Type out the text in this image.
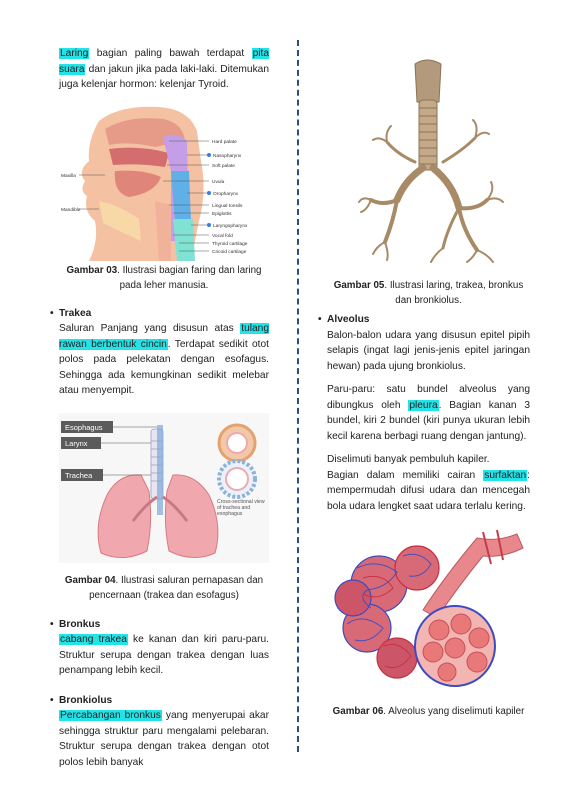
Laring bagian paling bawah terdapat pita suara dan jakun jika pada laki-laki. Ditemukan juga kelenjar hormon: kelenjar Tyroid.

Hard palate
Nasopharynx
Soft palate
Maxilla
Uvula
Oropharynx
Mandible
Lingual tonsils
Epiglottis
Laryngopharynx
Vocal fold
Thyroid cartilage
Cricoid cartilage

Gambar 03. Ilustrasi bagian faring dan laring pada leher manusia.

• Trakea

Saluran Panjang yang disusun atas tulang rawan berbentuk cincin. Terdapat sedikit otot polos pada pelekatan dengan esofagus. Sehingga ada kemungkinan sedikit melebar atau menyempit.

Esophagus
Larynx
Trachea
Cross-sectional view of trachea and esophagus

Gambar 04. Ilustrasi saluran pernapasan dan pencernaan (trakea dan esofagus)

• Bronkus

cabang trakea ke kanan dan kiri paru-paru. Struktur serupa dengan trakea dengan luas penampang lebih kecil.

• Bronkiolus

Percabangan bronkus yang menyerupai akar sehingga struktur paru mengalami pelebaran. Struktur serupa dengan trakea dengan otot polos lebih banyak

Gambar 05. Ilustrasi laring, trakea, bronkus dan bronkiolus.

• Alveolus

Balon-balon udara yang disusun epitel pipih selapis (ingat lagi jenis-jenis epitel jaringan hewan) pada ujung bronkiolus.

Paru-paru: satu bundel alveolus yang dibungkus oleh pleura. Bagian kanan 3 bundel, kiri 2 bundel (kiri punya ukuran lebih kecil karena berbagi ruang dengan jantung).

Diselimuti banyak pembuluh kapiler.
Bagian dalam memiliki cairan surfaktan: mempermudah difusi udara dan mencegah bola udara lengket saat udara terlalu kering.

Gambar 06. Alveolus yang diselimuti kapiler
